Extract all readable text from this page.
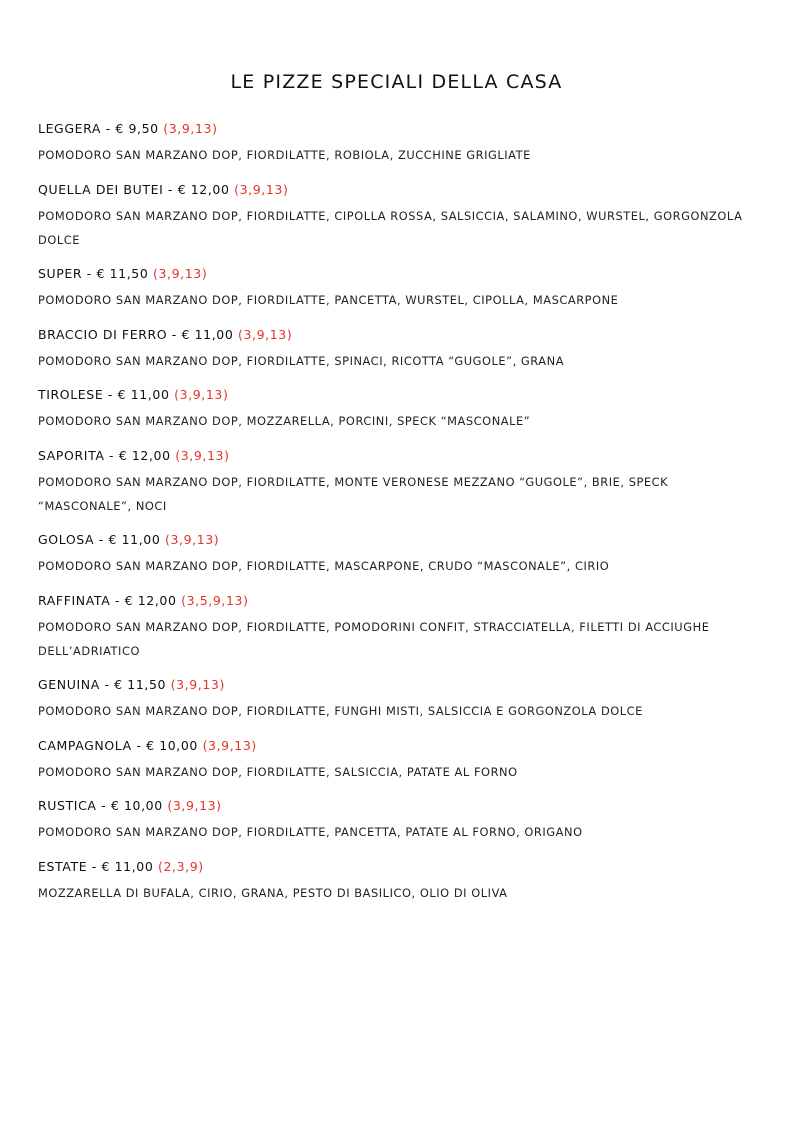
LE PIZZE SPECIALI DELLA CASA
LEGGERA - € 9,50 (3,9,13)
POMODORO SAN MARZANO DOP, FIORDILATTE, ROBIOLA, ZUCCHINE GRIGLIATE
QUELLA DEI BUTEI - € 12,00 (3,9,13)
POMODORO SAN MARZANO DOP, FIORDILATTE, CIPOLLA ROSSA, SALSICCIA, SALAMINO, WURSTEL, GORGONZOLA DOLCE
SUPER - € 11,50 (3,9,13)
POMODORO SAN MARZANO DOP, FIORDILATTE, PANCETTA, WURSTEL, CIPOLLA, MASCARPONE
BRACCIO DI FERRO - € 11,00 (3,9,13)
POMODORO SAN MARZANO DOP, FIORDILATTE, SPINACI, RICOTTA “GUGOLE”, GRANA
TIROLESE - € 11,00 (3,9,13)
POMODORO SAN MARZANO DOP, MOZZARELLA, PORCINI, SPECK “MASCONALE”
SAPORITA - € 12,00 (3,9,13)
POMODORO SAN MARZANO DOP, FIORDILATTE, MONTE VERONESE MEZZANO “GUGOLE”, BRIE, SPECK “MASCONALE”, NOCI
GOLOSA - € 11,00 (3,9,13)
POMODORO SAN MARZANO DOP, FIORDILATTE, MASCARPONE, CRUDO “MASCONALE”, CIRIO
RAFFINATA - € 12,00 (3,5,9,13)
POMODORO SAN MARZANO DOP, FIORDILATTE, POMODORINI CONFIT, STRACCIATELLA, FILETTI DI ACCIUGHE DELL’ADRIATICO
GENUINA - € 11,50 (3,9,13)
POMODORO SAN MARZANO DOP, FIORDILATTE, FUNGHI MISTI, SALSICCIA E GORGONZOLA DOLCE
CAMPAGNOLA - € 10,00 (3,9,13)
POMODORO SAN MARZANO DOP, FIORDILATTE, SALSICCIA, PATATE AL FORNO
RUSTICA - € 10,00 (3,9,13)
POMODORO SAN MARZANO DOP, FIORDILATTE, PANCETTA, PATATE AL FORNO, ORIGANO
ESTATE - € 11,00 (2,3,9)
MOZZARELLA DI BUFALA, CIRIO, GRANA, PESTO DI BASILICO, OLIO DI OLIVA
